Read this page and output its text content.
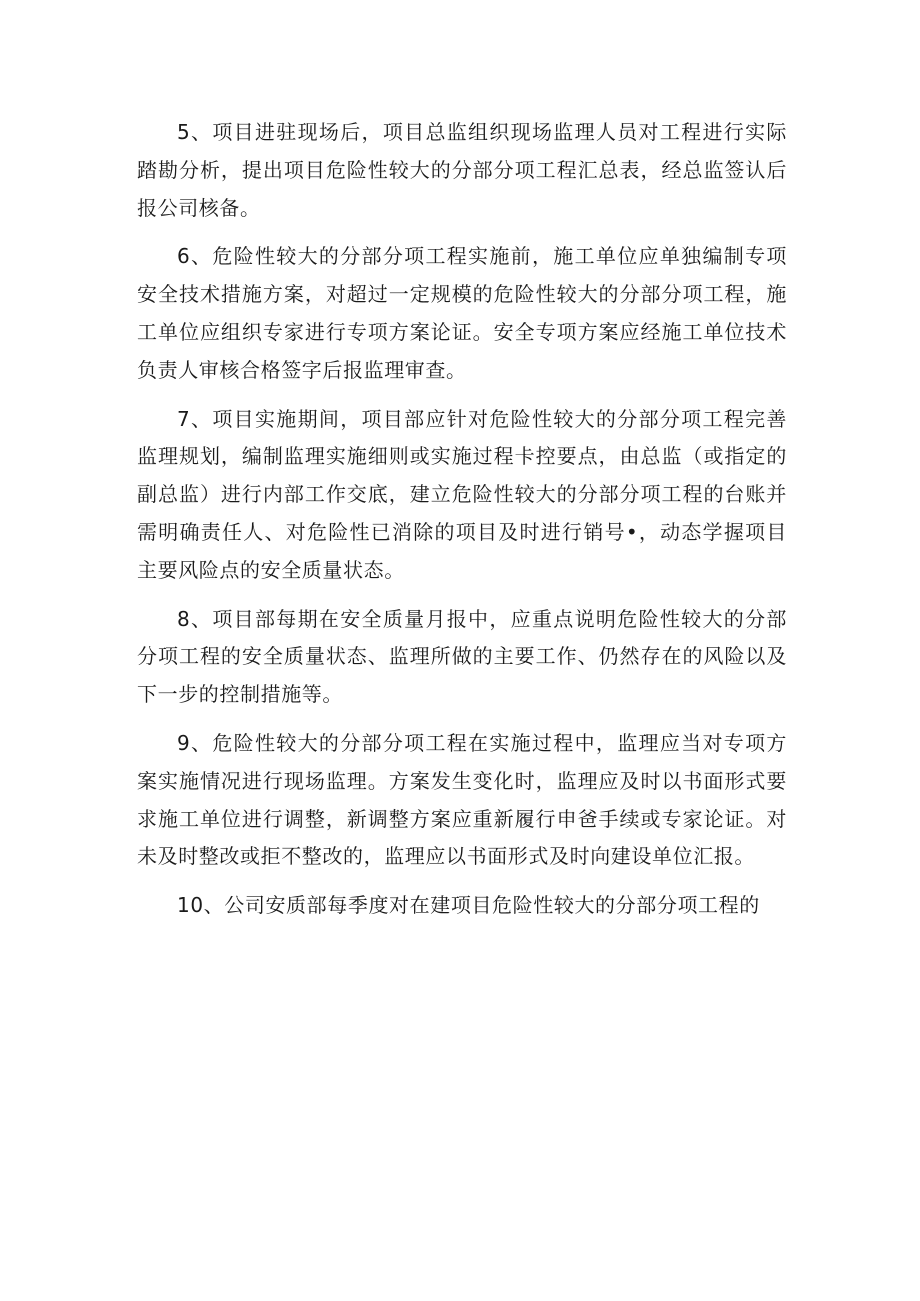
5、项目进驻现场后，项目总监组织现场监理人员对工程进行实际踏勘分析，提出项目危险性较大的分部分项工程汇总表，经总监签认后报公司核备。

6、危险性较大的分部分项工程实施前，施工单位应单独编制专项安全技术措施方案，对超过一定规模的危险性较大的分部分项工程，施工单位应组织专家进行专项方案论证。安全专项方案应经施工单位技术负责人审核合格签字后报监理审查。

7、项目实施期间，项目部应针对危险性较大的分部分项工程完善监理规划，编制监理实施细则或实施过程卡控要点，由总监（或指定的副总监）进行内部工作交底，建立危险性较大的分部分项工程的台账并需明确责任人、对危险性已消除的项目及时进行销号•，动态学握项目主要风险点的安全质量状态。

8、项目部每期在安全质量月报中，应重点说明危险性较大的分部分项工程的安全质量状态、监理所做的主要工作、仍然存在的风险以及下一步的控制措施等。

9、危险性较大的分部分项工程在实施过程中，监理应当对专项方案实施情况进行现场监理。方案发生变化时，监理应及时以书面形式要求施工单位进行调整，新调整方案应重新履行申爸手续或专家论证。对未及时整改或拒不整改的，监理应以书面形式及时向建设单位汇报。

10、公司安质部每季度对在建项目危险性较大的分部分项工程的
